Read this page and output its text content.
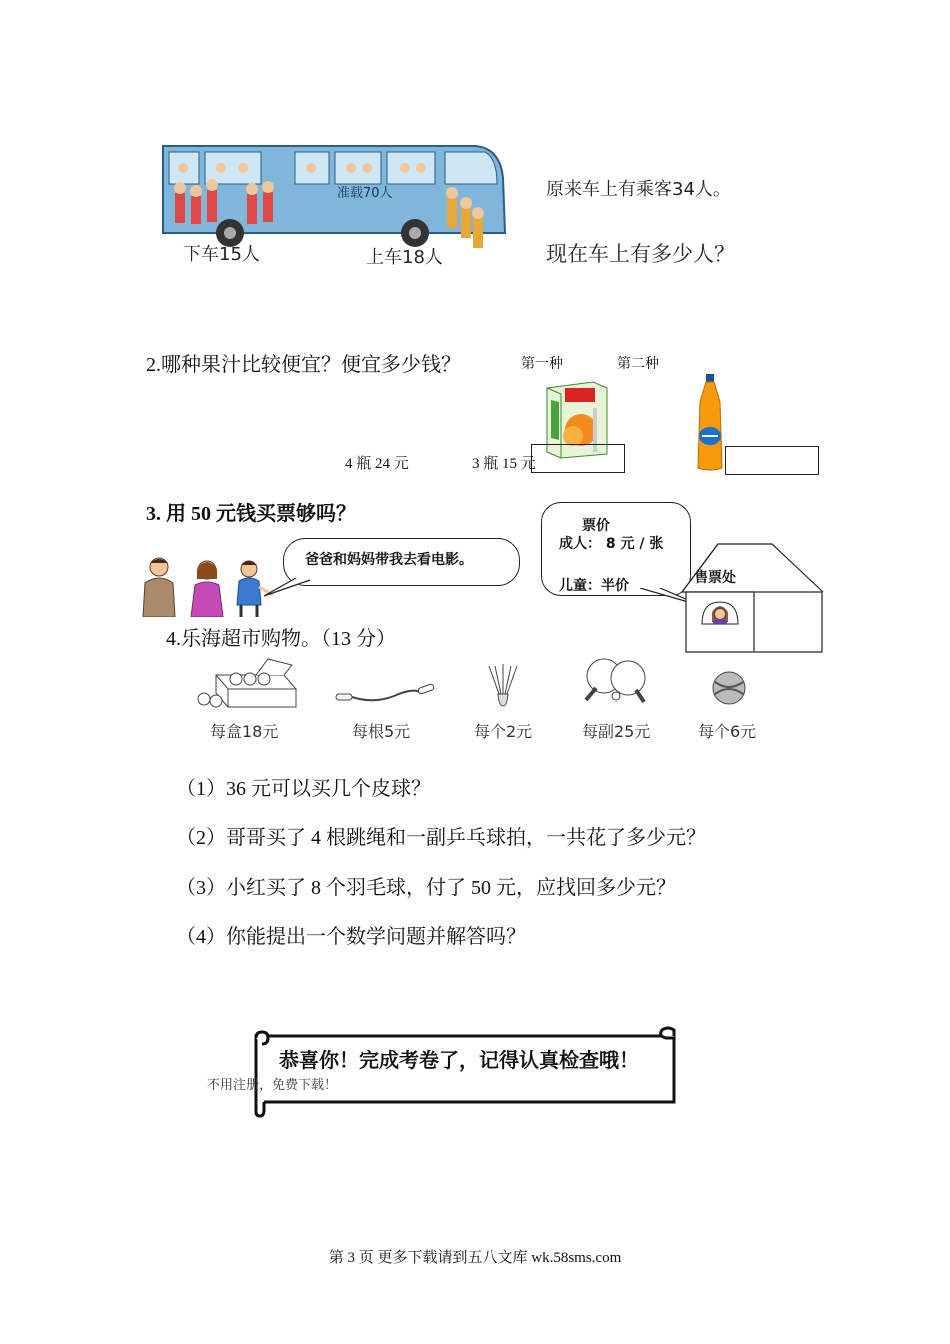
准载70人
下车15人	上车18人
原来车上有乘客34人。
现在车上有多少人？
2.哪种果汁比较便宜？便宜多少钱？	第一种	第二种
4 瓶 24 元	3 瓶 15 元
3. 用 50 元钱买票够吗？
爸爸和妈妈带我去看电影。
票价
成人： 8 元 / 张
儿童：半价	售票处
4.乐海超市购物。（13 分）
每盒18元	每根5元	每个2元	每副25元	每个6元
（1）36 元可以买几个皮球？
（2）哥哥买了 4 根跳绳和一副乒乓球拍，一共花了多少元？
（3）小红买了 8 个羽毛球，付了 50 元，应找回多少元？
（4）你能提出一个数学问题并解答吗？
恭喜你！完成考卷了，记得认真检查哦！
不用注册，免费下载！
第 3 页 更多下载请到五八文库 wk.58sms.com
